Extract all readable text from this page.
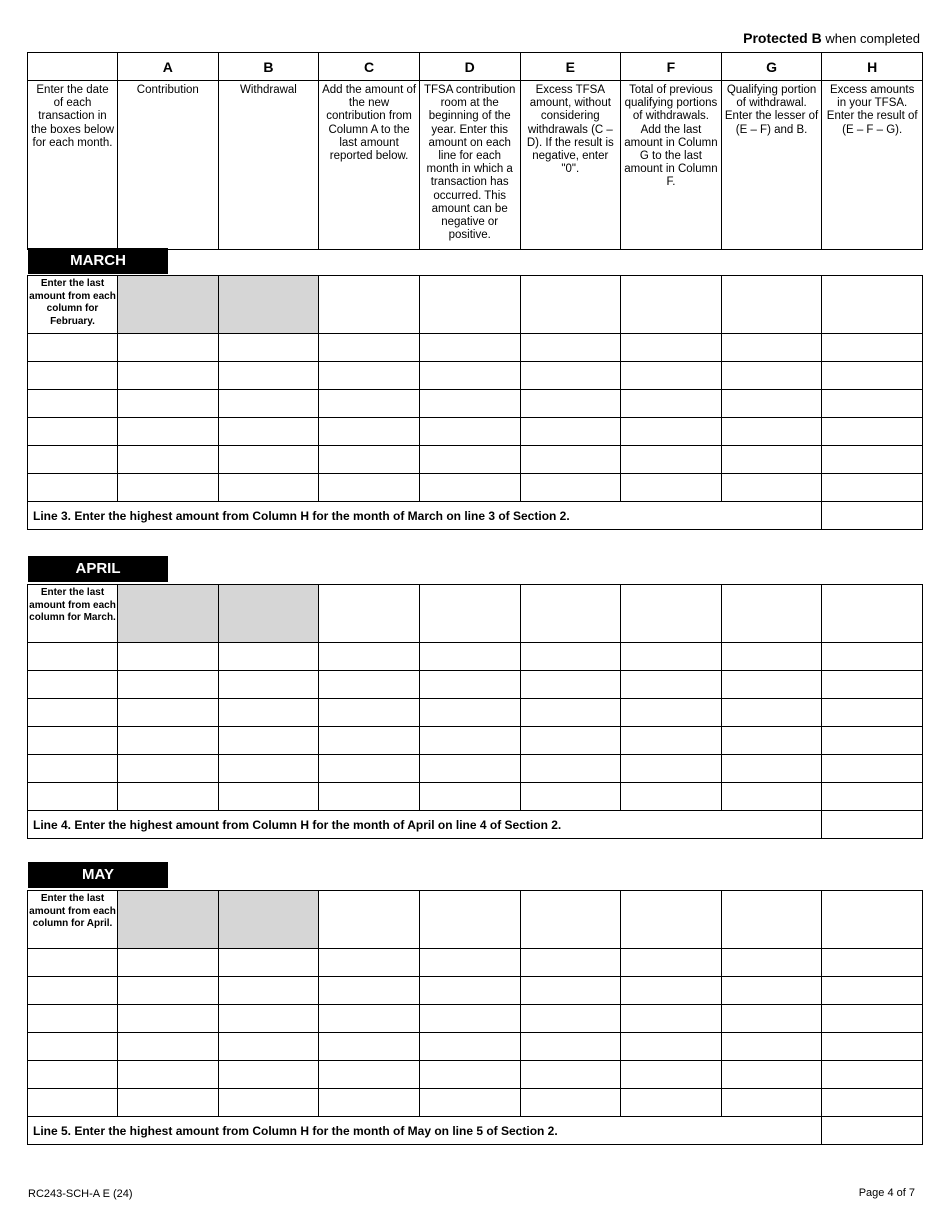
Protected B when completed
	A	B	C	D	E	F	G	H
Enter the date of each transaction in the boxes below for each month.	Contribution	Withdrawal	Add the amount of the new contribution from Column A to the last amount reported below.	TFSA contribution room at the beginning of the year. Enter this amount on each line for each month in which a transaction has occurred. This amount can be negative or positive.	Excess TFSA amount, without considering withdrawals (C – D). If the result is negative, enter "0".	Total of previous qualifying portions of withdrawals. Add the last amount in Column G to the last amount in Column F.	Qualifying portion of withdrawal. Enter the lesser of (E – F) and B.	Excess amounts in your TFSA. Enter the result of (E – F – G).
MARCH
Enter the last amount from each column for February.								

Line 3. Enter the highest amount from Column H for the month of March on line 3 of Section 2.								
APRIL
Enter the last amount from each column for March.								

Line 4. Enter the highest amount from Column H for the month of April on line 4 of Section 2.								
MAY
Enter the last amount from each column for April.								

Line 5. Enter the highest amount from Column H for the month of May on line 5 of Section 2.								
RC243-SCH-A E (24)	Page 4 of 7
